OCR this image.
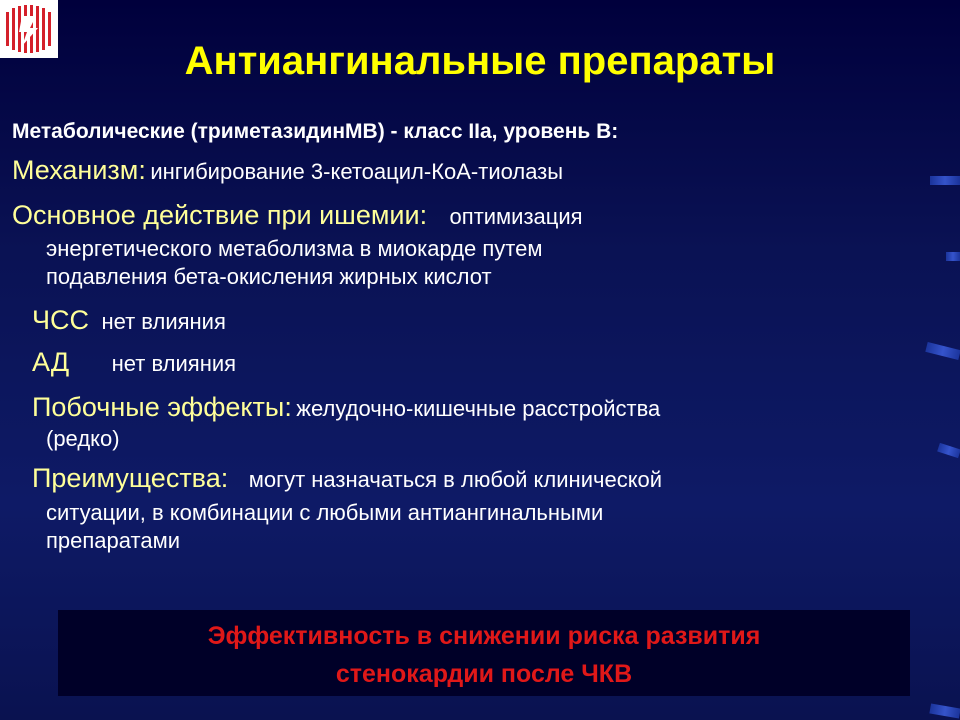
Антиангинальные препараты
Метаболические (триметазидинМВ) - класс IIa, уровень В:
Механизм: ингибирование 3-кетоацил-КоА-тиолазы
Основное действие при ишемии: оптимизация
энергетического метаболизма в миокарде путем
подавления бета-окисления жирных кислот
ЧСС нет влияния
АД нет влияния
Побочные эффекты: желудочно-кишечные расстройства
(редко)
Преимущества: могут назначаться в любой клинической
ситуации, в комбинации с любыми антиангинальными
препаратами
Эффективность в снижении риска развития
стенокардии после ЧКВ
